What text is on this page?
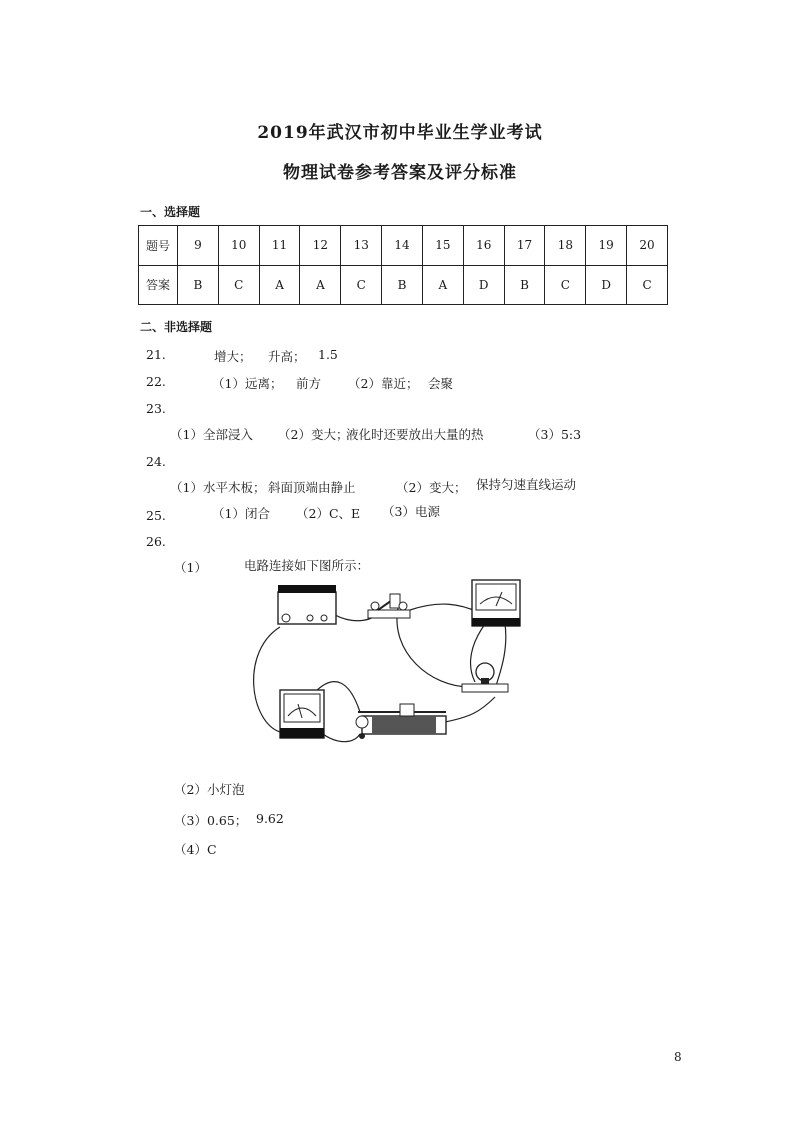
2019年武汉市初中毕业生学业考试
物理试卷参考答案及评分标准
一、选择题
题号	9	10	11	12	13	14	15	16	17	18	19	20
答案	B	C	A	A	C	B	A	D	B	C	D	C
二、非选择题
21.	增大； 升高； 1.5
22.	（1）远离； 前方 （2）靠近； 会聚
23.
（1）全部浸入 （2）变大；
液化时还要放出大量的热	（3）5:3
24.
（1）水平木板； 斜面顶端由静止	（2）变大； 保持匀速直线运动
25.	（1）闭合 （2）C、E （3）电源
26.
（1）	电路连接如下图所示：
（2）小灯泡
（3）0.65； 9.62
（4）C
8
